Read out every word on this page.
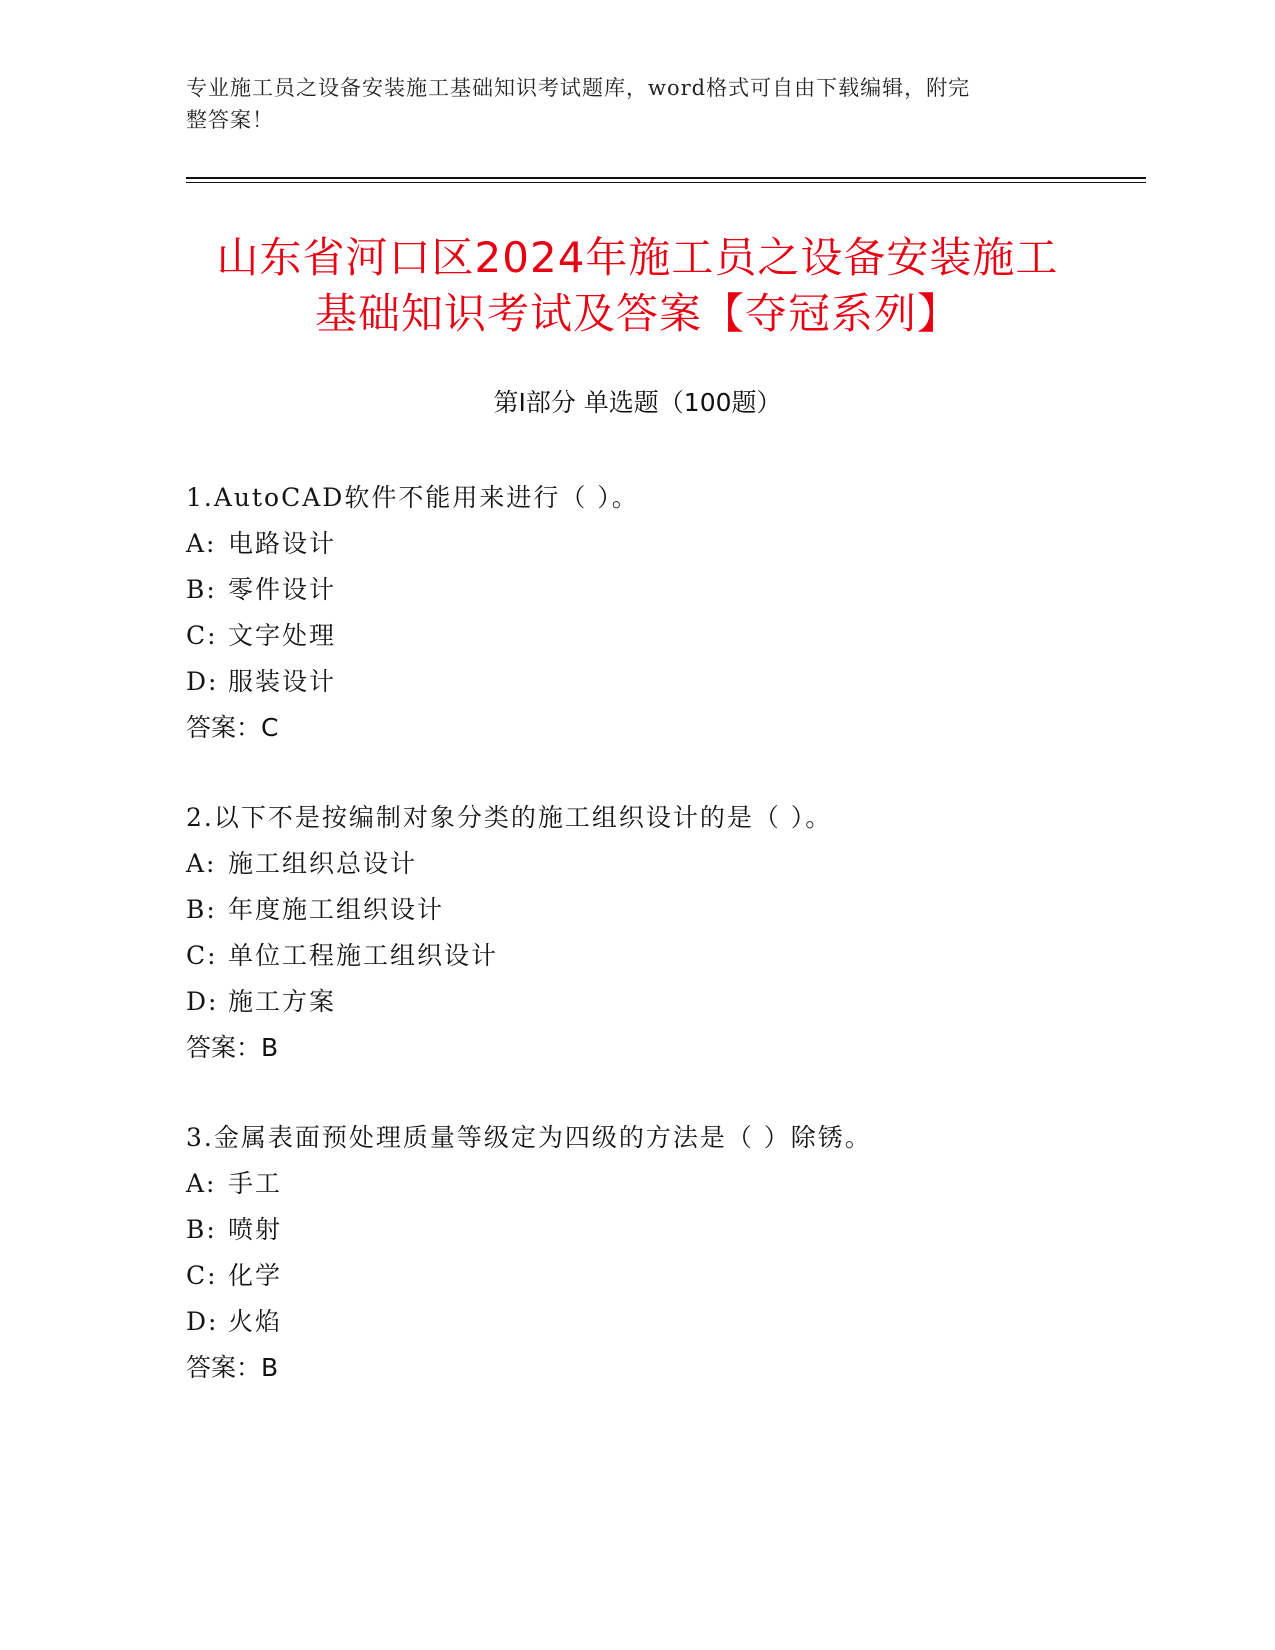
专业施工员之设备安装施工基础知识考试题库，word格式可自由下载编辑，附完
整答案！
山东省河口区2024年施工员之设备安装施工
基础知识考试及答案【夺冠系列】
第Ⅰ部分 单选题（100题）
1.AutoCAD软件不能用来进行（ ）。
A: 电路设计
B: 零件设计
C: 文字处理
D: 服装设计
答案：C
2.以下不是按编制对象分类的施工组织设计的是（ ）。
A: 施工组织总设计
B: 年度施工组织设计
C: 单位工程施工组织设计
D: 施工方案
答案：B
3.金属表面预处理质量等级定为四级的方法是（ ）除锈。
A: 手工
B: 喷射
C: 化学
D: 火焰
答案：B
